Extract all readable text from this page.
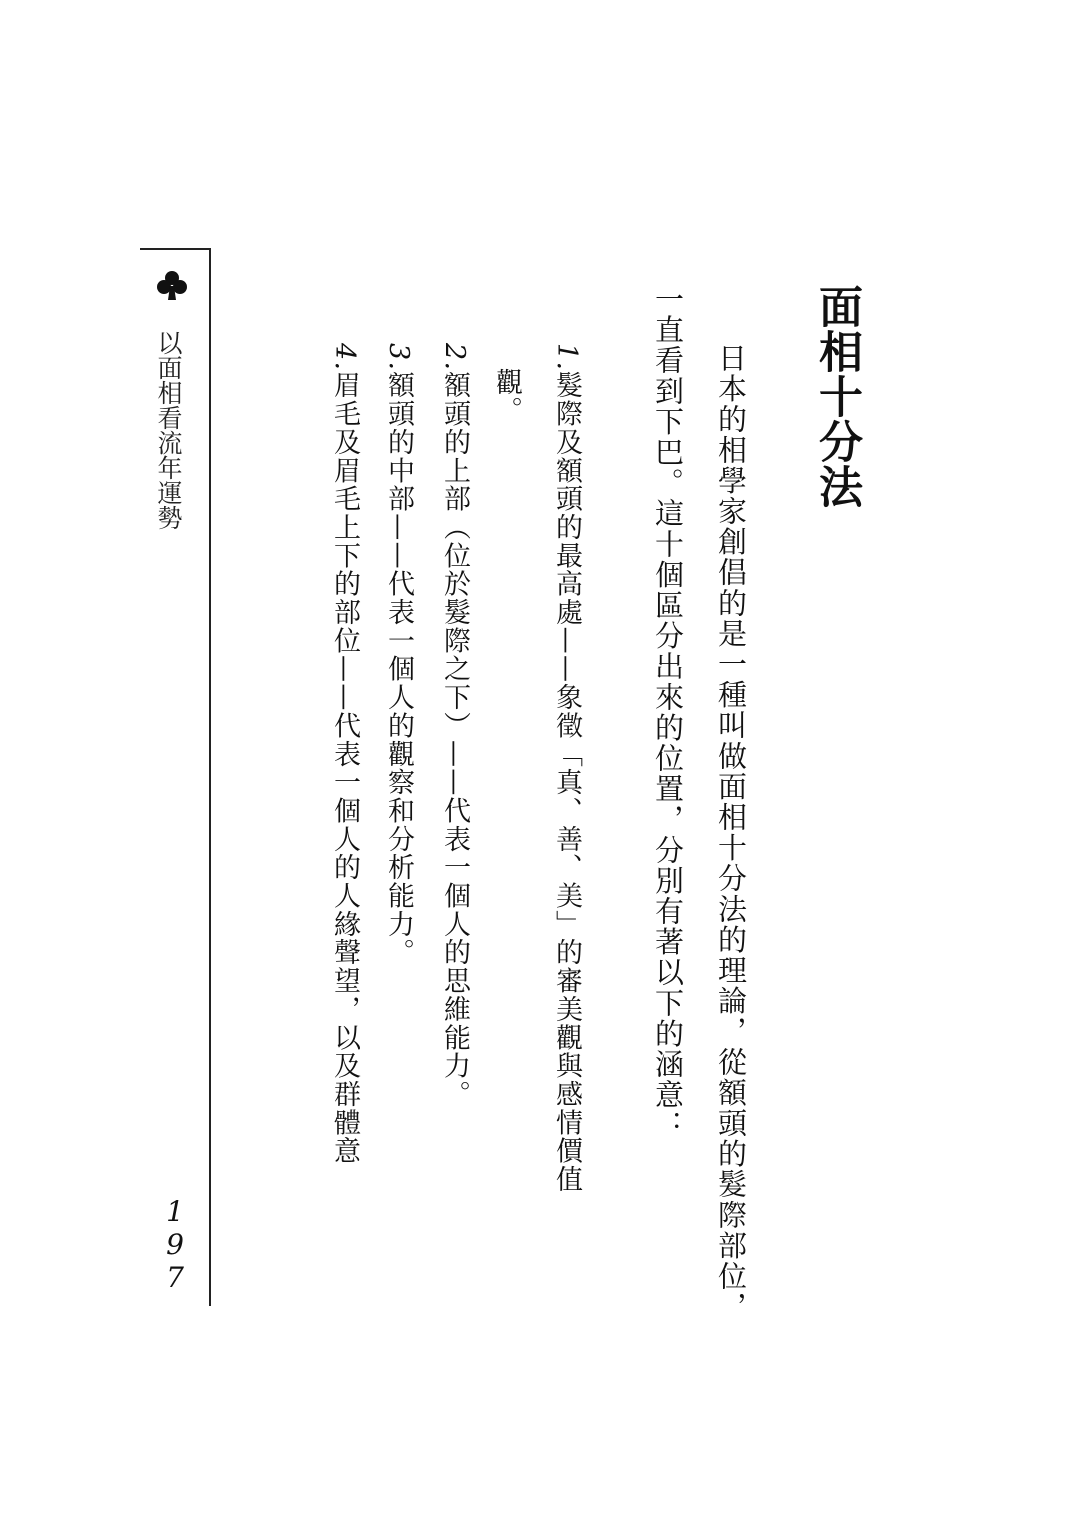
以面相看流年運勢
1
9
7
面相十分法
日本的相學家創倡的是一種叫做面相十分法的理論，從額頭的髮際部位，
一直看到下巴。這十個區分出來的位置，分別有著以下的涵意：
1.髮際及額頭的最高處——象徵「真、善、美」的審美觀與感情價值
觀。
2.額頭的上部（位於髮際之下）——代表一個人的思維能力。
3.額頭的中部——代表一個人的觀察和分析能力。
4.眉毛及眉毛上下的部位——代表一個人的人緣聲望，以及群體意
